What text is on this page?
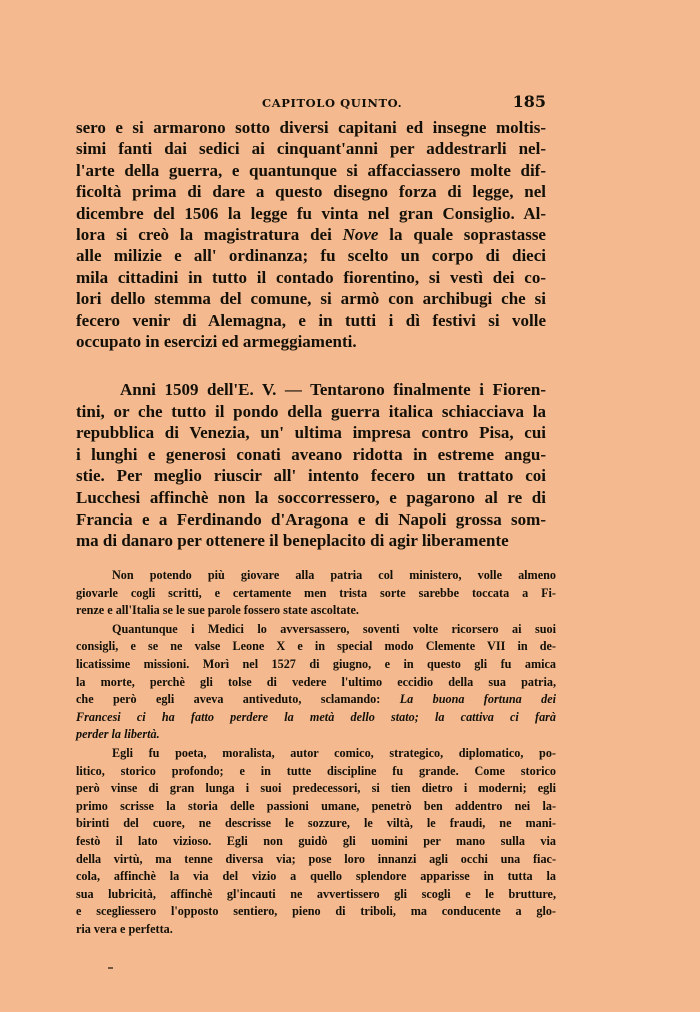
CAPITOLO QUINTO.	185

sero e si armarono sotto diversi capitani ed insegne moltis-

simi fanti dai sedici ai cinquant'anni per addestrarli nel-

l'arte della guerra, e quantunque si affacciassero molte dif-

ficoltà prima di dare a questo disegno forza di legge, nel

dicembre del 1506 la legge fu vinta nel gran Consiglio. Al-

lora si creò la magistratura dei Nove la quale soprastasse

alle milizie e all' ordinanza; fu scelto un corpo di dieci

mila cittadini in tutto il contado fiorentino, si vestì dei co-

lori dello stemma del comune, si armò con archibugi che si

fecero venir di Alemagna, e in tutti i dì festivi si volle

occupato in esercizi ed armeggiamenti.

Anni 1509 dell'E. V. — Tentarono finalmente i Fioren-

tini, or che tutto il pondo della guerra italica schiacciava la

repubblica di Venezia, un' ultima impresa contro Pisa, cui

i lunghi e generosi conati aveano ridotta in estreme angu-

stie. Per meglio riuscir all' intento fecero un trattato coi

Lucchesi affinchè non la soccorressero, e pagarono al re di

Francia e a Ferdinando d'Aragona e di Napoli grossa som-

ma di danaro per ottenere il beneplacito di agir liberamente

Non potendo più giovare alla patria col ministero, volle almeno

giovarle cogli scritti, e certamente men trista sorte sarebbe toccata a Fi-

renze e all'Italia se le sue parole fossero state ascoltate.

Quantunque i Medici lo avversassero, soventi volte ricorsero ai suoi

consigli, e se ne valse Leone X e in special modo Clemente VII in de-

licatissime missioni. Morì nel 1527 di giugno, e in questo gli fu amica

la morte, perchè gli tolse di vedere l'ultimo eccidio della sua patria,

che però egli aveva antiveduto, sclamando: La buona fortuna dei

Francesi ci ha fatto perdere la metà dello stato; la cattiva ci farà

perder la libertà.

Egli fu poeta, moralista, autor comico, strategico, diplomatico, po-

litico, storico profondo; e in tutte discipline fu grande. Come storico

però vinse di gran lunga i suoi predecessori, si tien dietro i moderni; egli

primo scrisse la storia delle passioni umane, penetrò ben addentro nei la-

birinti del cuore, ne descrisse le sozzure, le viltà, le fraudi, ne mani-

festò il lato vizioso. Egli non guidò gli uomini per mano sulla via

della virtù, ma tenne diversa via; pose loro innanzi agli occhi una fiac-

cola, affinchè la via del vizio a quello splendore apparisse in tutta la

sua lubricità, affinchè gl'incauti ne avvertissero gli scogli e le brutture,

e scegliessero l'opposto sentiero, pieno di triboli, ma conducente a glo-

ria vera e perfetta.
